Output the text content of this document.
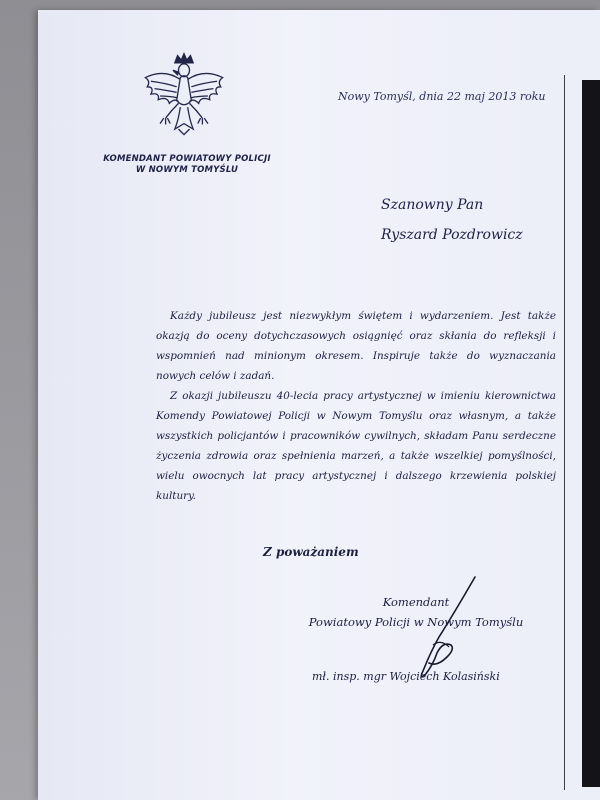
KOMENDANT POWIATOWY POLICJI
W NOWYM TOMYŚLU
Nowy Tomyśl, dnia 22 maj 2013 roku
Szanowny Pan
Ryszard Pozdrowicz

Każdy jubileusz jest niezwykłym świętem i wydarzeniem. Jest także okazją do oceny dotychczasowych osiągnięć oraz skłania do refleksji i wspomnień nad minionym okresem. Inspiruje także do wyznaczania nowych celów i zadań.

Z okazji jubileuszu 40-lecia pracy artystycznej w imieniu kierownictwa Komendy Powiatowej Policji w Nowym Tomyślu oraz własnym, a także wszystkich policjantów i pracowników cywilnych, składam Panu serdeczne życzenia zdrowia oraz spełnienia marzeń, a także wszelkiej pomyślności, wielu owocnych lat pracy artystycznej i dalszego krzewienia polskiej kultury.

Z poważaniem
Komendant
Powiatowy Policji w Nowym Tomyślu
mł. insp. mgr Wojciech Kolasiński
